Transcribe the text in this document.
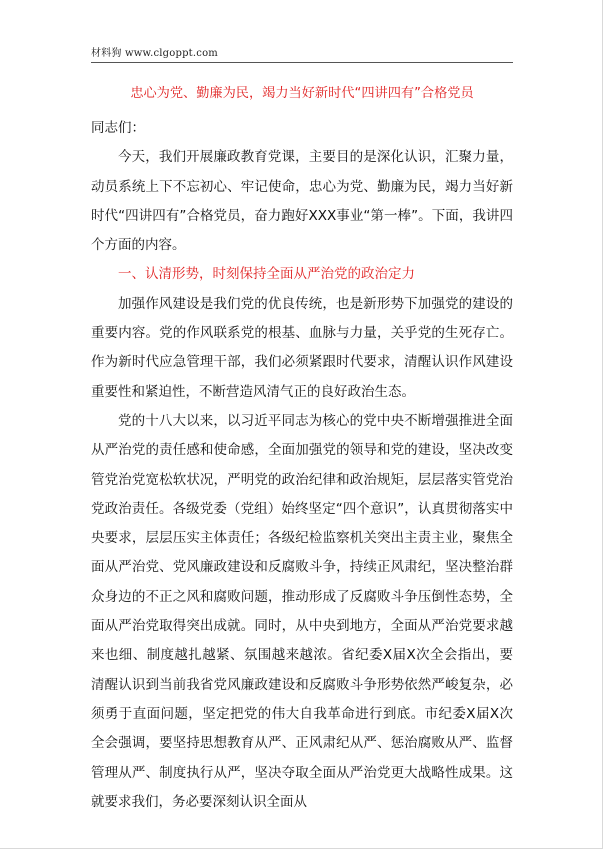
材料狗 www.clgoppt.com
忠心为党、勤廉为民，竭力当好新时代“四讲四有”合格党员

同志们：

今天，我们开展廉政教育党课，主要目的是深化认识，汇聚力量，动员系统上下不忘初心、牢记使命，忠心为党、勤廉为民，竭力当好新时代“四讲四有”合格党员，奋力跑好XXX事业“第一棒”。下面，我讲四个方面的内容。

一、认清形势，时刻保持全面从严治党的政治定力

加强作风建设是我们党的优良传统，也是新形势下加强党的建设的重要内容。党的作风联系党的根基、血脉与力量，关乎党的生死存亡。作为新时代应急管理干部，我们必须紧跟时代要求，清醒认识作风建设重要性和紧迫性，不断营造风清气正的良好政治生态。

党的十八大以来，以习近平同志为核心的党中央不断增强推进全面从严治党的责任感和使命感，全面加强党的领导和党的建设，坚决改变管党治党宽松软状况，严明党的政治纪律和政治规矩，层层落实管党治党政治责任。各级党委（党组）始终坚定“四个意识”，认真贯彻落实中央要求，层层压实主体责任；各级纪检监察机关突出主责主业，聚焦全面从严治党、党风廉政建设和反腐败斗争，持续正风肃纪，坚决整治群众身边的不正之风和腐败问题，推动形成了反腐败斗争压倒性态势，全面从严治党取得突出成就。同时，从中央到地方，全面从严治党要求越来也细、制度越扎越紧、氛围越来越浓。省纪委X届X次全会指出，要清醒认识到当前我省党风廉政建设和反腐败斗争形势依然严峻复杂，必须勇于直面问题，坚定把党的伟大自我革命进行到底。市纪委X届X次全会强调，要坚持思想教育从严、正风肃纪从严、惩治腐败从严、监督管理从严、制度执行从严，坚决夺取全面从严治党更大战略性成果。这就要求我们，务必要深刻认识全面从
